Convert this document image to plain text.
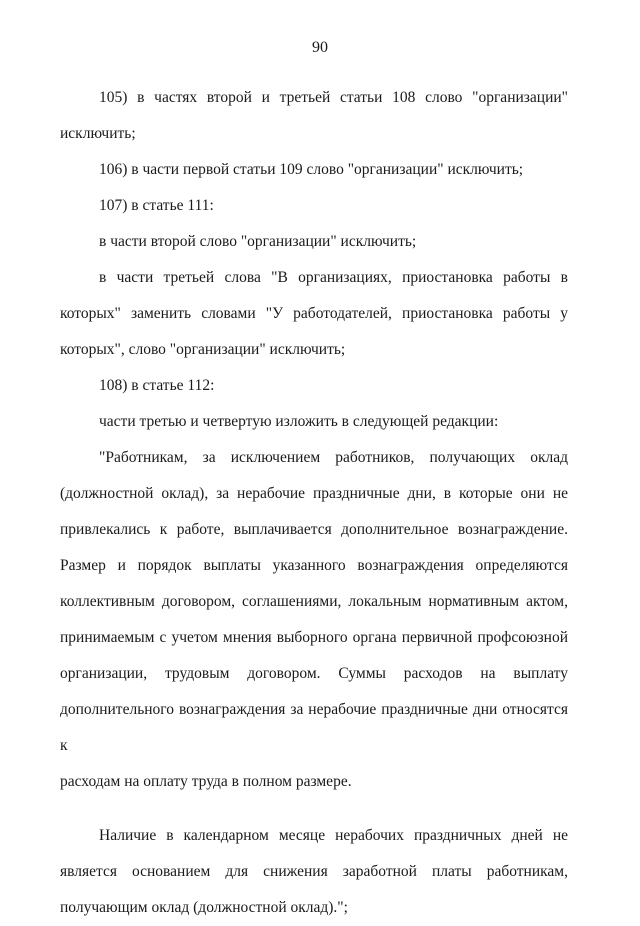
90
105) в частях второй и третьей статьи 108 слово "организации"
исключить;
106) в части первой статьи 109 слово "организации" исключить;
107) в статье 111:
в части второй слово "организации" исключить;
в части третьей слова "В организациях, приостановка работы в
которых" заменить словами "У работодателей, приостановка работы у
которых", слово "организации" исключить;
108) в статье 112:
части третью и четвертую изложить в следующей редакции:
"Работникам, за исключением работников, получающих оклад
(должностной оклад), за нерабочие праздничные дни, в которые они не
привлекались к работе, выплачивается дополнительное вознаграждение.
Размер и порядок выплаты указанного вознаграждения определяются
коллективным договором, соглашениями, локальным нормативным актом,
принимаемым с учетом мнения выборного органа первичной профсоюзной
организации, трудовым договором. Суммы расходов на выплату
дополнительного вознаграждения за нерабочие праздничные дни относятся к
расходам на оплату труда в полном размере.
Наличие в календарном месяце нерабочих праздничных дней не
является основанием для снижения заработной платы работникам,
получающим оклад (должностной оклад).";
